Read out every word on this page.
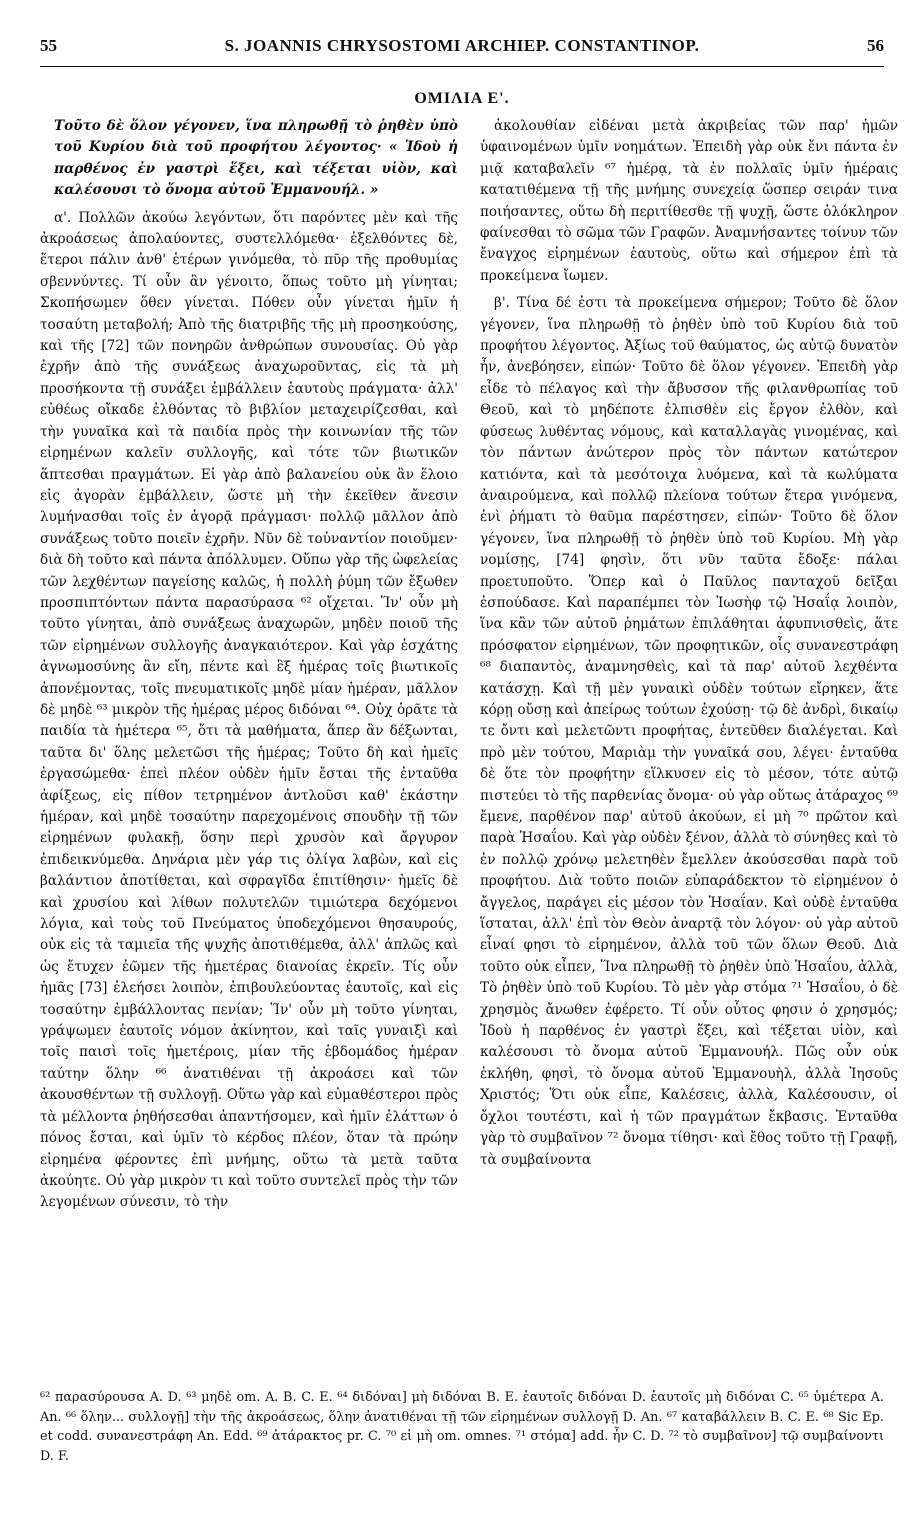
55	S. JOANNIS CHRYSOSTOMI ARCHIEP. CONSTANTINOP.	56
ΟΜΙΛΙΑ Ε'.

Τοῦτο δὲ ὅλον γέγονεν, ἵνα πληρωθῇ τὸ ῥηθὲν ὑπὸ τοῦ Κυρίου διὰ τοῦ προφήτου λέγοντος· « Ἰδοὺ ἡ παρθένος ἐν γαστρὶ ἕξει, καὶ τέξεται υἱὸν, καὶ καλέσουσι τὸ ὄνομα αὐτοῦ Ἐμμανουήλ. »

α'. Πολλῶν ἀκούω λεγόντων, ὅτι παρόντες μὲν καὶ τῆς ἀκροάσεως ἀπολαύοντες, συστελλόμεθα· ἐξελθόντες δὲ, ἕτεροι πάλιν ἀνθ' ἑτέρων γινόμεθα, τὸ πῦρ τῆς προθυμίας σβεννύντες. Τί οὖν ἂν γένοιτο, ὅπως τοῦτο μὴ γίνηται; Σκοπήσωμεν ὅθεν γίνεται. Πόθεν οὖν γίνεται ἡμῖν ἡ τοσαύτη μεταβολή; Ἀπὸ τῆς διατριβῆς τῆς μὴ προσηκούσης, καὶ τῆς [72] τῶν πονηρῶν ἀνθρώπων συνουσίας. Οὐ γὰρ ἐχρῆν ἀπὸ τῆς συνάξεως ἀναχωροῦντας, εἰς τὰ μὴ προσήκοντα τῇ συνάξει ἐμβάλλειν ἑαυτοὺς πράγματα· ἀλλ' εὐθέως οἴκαδε ἐλθόντας τὸ βιβλίον μεταχειρίζεσθαι, καὶ τὴν γυναῖκα καὶ τὰ παιδία πρὸς τὴν κοινωνίαν τῆς τῶν εἰρημένων καλεῖν συλλογῆς, καὶ τότε τῶν βιωτικῶν ἅπτεσθαι πραγμάτων. Εἰ γὰρ ἀπὸ βαλανείου οὐκ ἂν ἕλοιο εἰς ἀγορὰν ἐμβάλλειν, ὥστε μὴ τὴν ἐκεῖθεν ἄνεσιν λυμήνασθαι τοῖς ἐν ἀγορᾷ πράγμασι· πολλῷ μᾶλλον ἀπὸ συνάξεως τοῦτο ποιεῖν ἐχρῆν. Νῦν δὲ τοὐναντίον ποιοῦμεν· διὰ δὴ τοῦτο καὶ πάντα ἀπόλλυμεν. Οὔπω γὰρ τῆς ὠφελείας τῶν λεχθέντων παγείσης καλῶς, ἡ πολλὴ ῥύμη τῶν ἔξωθεν προσπιπτόντων πάντα παρασύρασα ⁶² οἴχεται. Ἵν' οὖν μὴ τοῦτο γίνηται, ἀπὸ συνάξεως ἀναχωρῶν, μηδὲν ποιοῦ τῆς τῶν εἰρημένων συλλογῆς ἀναγκαιότερον. Καὶ γὰρ ἐσχάτης ἀγνωμοσύνης ἂν εἴη, πέντε καὶ ἓξ ἡμέρας τοῖς βιωτικοῖς ἀπονέμοντας, τοῖς πνευματικοῖς μηδὲ μίαν ἡμέραν, μᾶλλον δὲ μηδὲ ⁶³ μικρὸν τῆς ἡμέρας μέρος διδόναι ⁶⁴. Οὐχ ὁρᾶτε τὰ παιδία τὰ ἡμέτερα ⁶⁵, ὅτι τὰ μαθήματα, ἅπερ ἂν δέξωνται, ταῦτα δι' ὅλης μελετῶσι τῆς ἡμέρας; Τοῦτο δὴ καὶ ἡμεῖς ἐργασώμεθα· ἐπεὶ πλέον οὐδὲν ἡμῖν ἔσται τῆς ἐνταῦθα ἀφίξεως, εἰς πίθον τετρημένον ἀντλοῦσι καθ' ἑκάστην ἡμέραν, καὶ μηδὲ τοσαύτην παρεχομένοις σπουδὴν τῇ τῶν εἰρημένων φυλακῇ, ὅσην περὶ χρυσὸν καὶ ἄργυρον ἐπιδεικνύμεθα. Δηνάρια μὲν γάρ τις ὀλίγα λαβὼν, καὶ εἰς βαλάντιον ἀποτίθεται, καὶ σφραγῖδα ἐπιτίθησιν· ἡμεῖς δὲ καὶ χρυσίου καὶ λίθων πολυτελῶν τιμιώτερα δεχόμενοι λόγια, καὶ τοὺς τοῦ Πνεύματος ὑποδεχόμενοι θησαυρούς, οὐκ εἰς τὰ ταμιεῖα τῆς ψυχῆς ἀποτιθέμεθα, ἀλλ' ἁπλῶς καὶ ὡς ἔτυχεν ἐῶμεν τῆς ἡμετέρας διανοίας ἐκρεῖν. Τίς οὖν ἡμᾶς [73] ἐλεήσει λοιπὸν, ἐπιβουλεύοντας ἑαυτοῖς, καὶ εἰς τοσαύτην ἐμβάλλοντας πενίαν; Ἵν' οὖν μὴ τοῦτο γίνηται, γράψωμεν ἑαυτοῖς νόμον ἀκίνητον, καὶ ταῖς γυναιξὶ καὶ τοῖς παισὶ τοῖς ἡμετέροις, μίαν τῆς ἑβδομάδος ἡμέραν ταύτην ὅλην ⁶⁶ ἀνατιθέναι τῇ ἀκροάσει καὶ τῶν ἀκουσθέντων τῇ συλλογῇ. Οὕτω γὰρ καὶ εὐμαθέστεροι πρὸς τὰ μέλλοντα ῥηθήσεσθαι ἀπαντήσομεν, καὶ ἡμῖν ἐλάττων ὁ πόνος ἔσται, καὶ ὑμῖν τὸ κέρδος πλέον, ὅταν τὰ πρώην εἰρημένα φέροντες ἐπὶ μνήμης, οὕτω τὰ μετὰ ταῦτα ἀκούητε. Οὐ γὰρ μικρὸν τι καὶ τοῦτο συντελεῖ πρὸς τὴν τῶν λεγομένων σύνεσιν, τὸ τὴν

ἀκολουθίαν εἰδέναι μετὰ ἀκριβείας τῶν παρ' ἡμῶν ὑφαινομένων ὑμῖν νοημάτων. Ἐπειδὴ γὰρ οὐκ ἔνι πάντα ἐν μιᾷ καταβαλεῖν ⁶⁷ ἡμέρᾳ, τὰ ἐν πολλαῖς ὑμῖν ἡμέραις κατατιθέμενα τῇ τῆς μνήμης συνεχείᾳ ὥσπερ σειράν τινα ποιήσαντες, οὕτω δὴ περιτίθεσθε τῇ ψυχῇ, ὥστε ὁλόκληρον φαίνεσθαι τὸ σῶμα τῶν Γραφῶν. Ἀναμνήσαντες τοίνυν τῶν ἔναγχος εἰρημένων ἑαυτοὺς, οὕτω καὶ σήμερον ἐπὶ τὰ προκείμενα ἴωμεν.

β'. Τίνα δέ ἐστι τὰ προκείμενα σήμερον; Τοῦτο δὲ ὅλον γέγονεν, ἵνα πληρωθῇ τὸ ῥηθὲν ὑπὸ τοῦ Κυρίου διὰ τοῦ προφήτου λέγοντος. Ἀξίως τοῦ θαύματος, ὡς αὐτῷ δυνατὸν ἦν, ἀνεβόησεν, εἰπών· Τοῦτο δὲ ὅλον γέγονεν. Ἐπειδὴ γὰρ εἶδε τὸ πέλαγος καὶ τὴν ἄβυσσον τῆς φιλανθρωπίας τοῦ Θεοῦ, καὶ τὸ μηδέποτε ἐλπισθὲν εἰς ἔργον ἐλθὸν, καὶ φύσεως λυθέντας νόμους, καὶ καταλλαγὰς γινομένας, καὶ τὸν πάντων ἀνώτερον πρὸς τὸν πάντων κατώτερον κατιόντα, καὶ τὰ μεσότοιχα λυόμενα, καὶ τὰ κωλύματα ἀναιρούμενα, καὶ πολλῷ πλείονα τούτων ἕτερα γινόμενα, ἐνὶ ῥήματι τὸ θαῦμα παρέστησεν, εἰπών· Τοῦτο δὲ ὅλον γέγονεν, ἵνα πληρωθῇ τὸ ῥηθὲν ὑπὸ τοῦ Κυρίου. Μὴ γὰρ νομίσῃς, [74] φησὶν, ὅτι νῦν ταῦτα ἔδοξε· πάλαι προετυποῦτο. Ὅπερ καὶ ὁ Παῦλος πανταχοῦ δεῖξαι ἐσπούδασε. Καὶ παραπέμπει τὸν Ἰωσὴφ τῷ Ἡσαΐᾳ λοιπὸν, ἵνα κἂν τῶν αὐτοῦ ῥημάτων ἐπιλάθηται ἀφυπνισθεὶς, ἅτε πρόσφατον εἰρημένων, τῶν προφητικῶν, οἷς συνανεστράφη ⁶⁸ διαπαντὸς, ἀναμνησθεὶς, καὶ τὰ παρ' αὐτοῦ λεχθέντα κατάσχῃ. Καὶ τῇ μὲν γυναικὶ οὐδὲν τούτων εἴρηκεν, ἅτε κόρῃ οὔσῃ καὶ ἀπείρως τούτων ἐχούσῃ· τῷ δὲ ἀνδρὶ, δικαίῳ τε ὄντι καὶ μελετῶντι προφήτας, ἐντεῦθεν διαλέγεται. Καὶ πρὸ μὲν τούτου, Μαριὰμ τὴν γυναῖκά σου, λέγει· ἐνταῦθα δὲ ὅτε τὸν προφήτην εἵλκυσεν εἰς τὸ μέσον, τότε αὐτῷ πιστεύει τὸ τῆς παρθενίας ὄνομα· οὐ γὰρ οὕτως ἀτάραχος ⁶⁹ ἔμενε, παρθένον παρ' αὐτοῦ ἀκούων, εἰ μὴ ⁷⁰ πρῶτον καὶ παρὰ Ἡσαΐου. Καὶ γὰρ οὐδὲν ξένον, ἀλλὰ τὸ σύνηθες καὶ τὸ ἐν πολλῷ χρόνῳ μελετηθὲν ἔμελλεν ἀκούσεσθαι παρὰ τοῦ προφήτου. Διὰ τοῦτο ποιῶν εὐπαράδεκτον τὸ εἰρημένον ὁ ἄγγελος, παράγει εἰς μέσον τὸν Ἡσαΐαν. Καὶ οὐδὲ ἐνταῦθα ἵσταται, ἀλλ' ἐπὶ τὸν Θεὸν ἀναρτᾷ τὸν λόγον· οὐ γὰρ αὐτοῦ εἶναί φησι τὸ εἰρημένον, ἀλλὰ τοῦ τῶν ὅλων Θεοῦ. Διὰ τοῦτο οὐκ εἶπεν, Ἵνα πληρωθῇ τὸ ῥηθὲν ὑπὸ Ἡσαΐου, ἀλλὰ, Τὸ ῥηθὲν ὑπὸ τοῦ Κυρίου. Τὸ μὲν γὰρ στόμα ⁷¹ Ἡσαΐου, ὁ δὲ χρησμὸς ἄνωθεν ἐφέρετο. Τί οὖν οὗτος φησιν ὁ χρησμός; Ἰδοὺ ἡ παρθένος ἐν γαστρὶ ἕξει, καὶ τέξεται υἱὸν, καὶ καλέσουσι τὸ ὄνομα αὐτοῦ Ἐμμανουήλ. Πῶς οὖν οὐκ ἐκλήθη, φησὶ, τὸ ὄνομα αὐτοῦ Ἐμμανουὴλ, ἀλλὰ Ἰησοῦς Χριστός; Ὅτι οὐκ εἶπε, Καλέσεις, ἀλλὰ, Καλέσουσιν, οἱ ὄχλοι τουτέστι, καὶ ἡ τῶν πραγμάτων ἔκβασις. Ἐνταῦθα γὰρ τὸ συμβαῖνον ⁷² ὄνομα τίθησι· καὶ ἔθος τοῦτο τῇ Γραφῇ, τὰ συμβαίνοντα

⁶² παρασύρουσα A. D. ⁶³ μηδὲ om. A. B. C. E. ⁶⁴ διδόναι] μὴ διδόναι B. E. ἑαυτοῖς διδόναι D. ἑαυτοῖς μὴ διδόναι C. ⁶⁵ ὑμέτερα A. An. ⁶⁶ ὅλην... συλλογῇ] τὴν τῆς ἀκροάσεως, ὅλην ἀνατιθέναι τῇ τῶν εἰρημένων συλλογῇ D. An. ⁶⁷ καταβάλλειν B. C. E. ⁶⁸ Sic Ep. et codd. συνανεστράφη An. Edd. ⁶⁹ ἀτάρακτος pr. C. ⁷⁰ εἰ μὴ om. omnes. ⁷¹ στόμα] add. ἦν C. D. ⁷² τὸ συμβαῖνον] τῷ συμβαίνοντι D. F.
